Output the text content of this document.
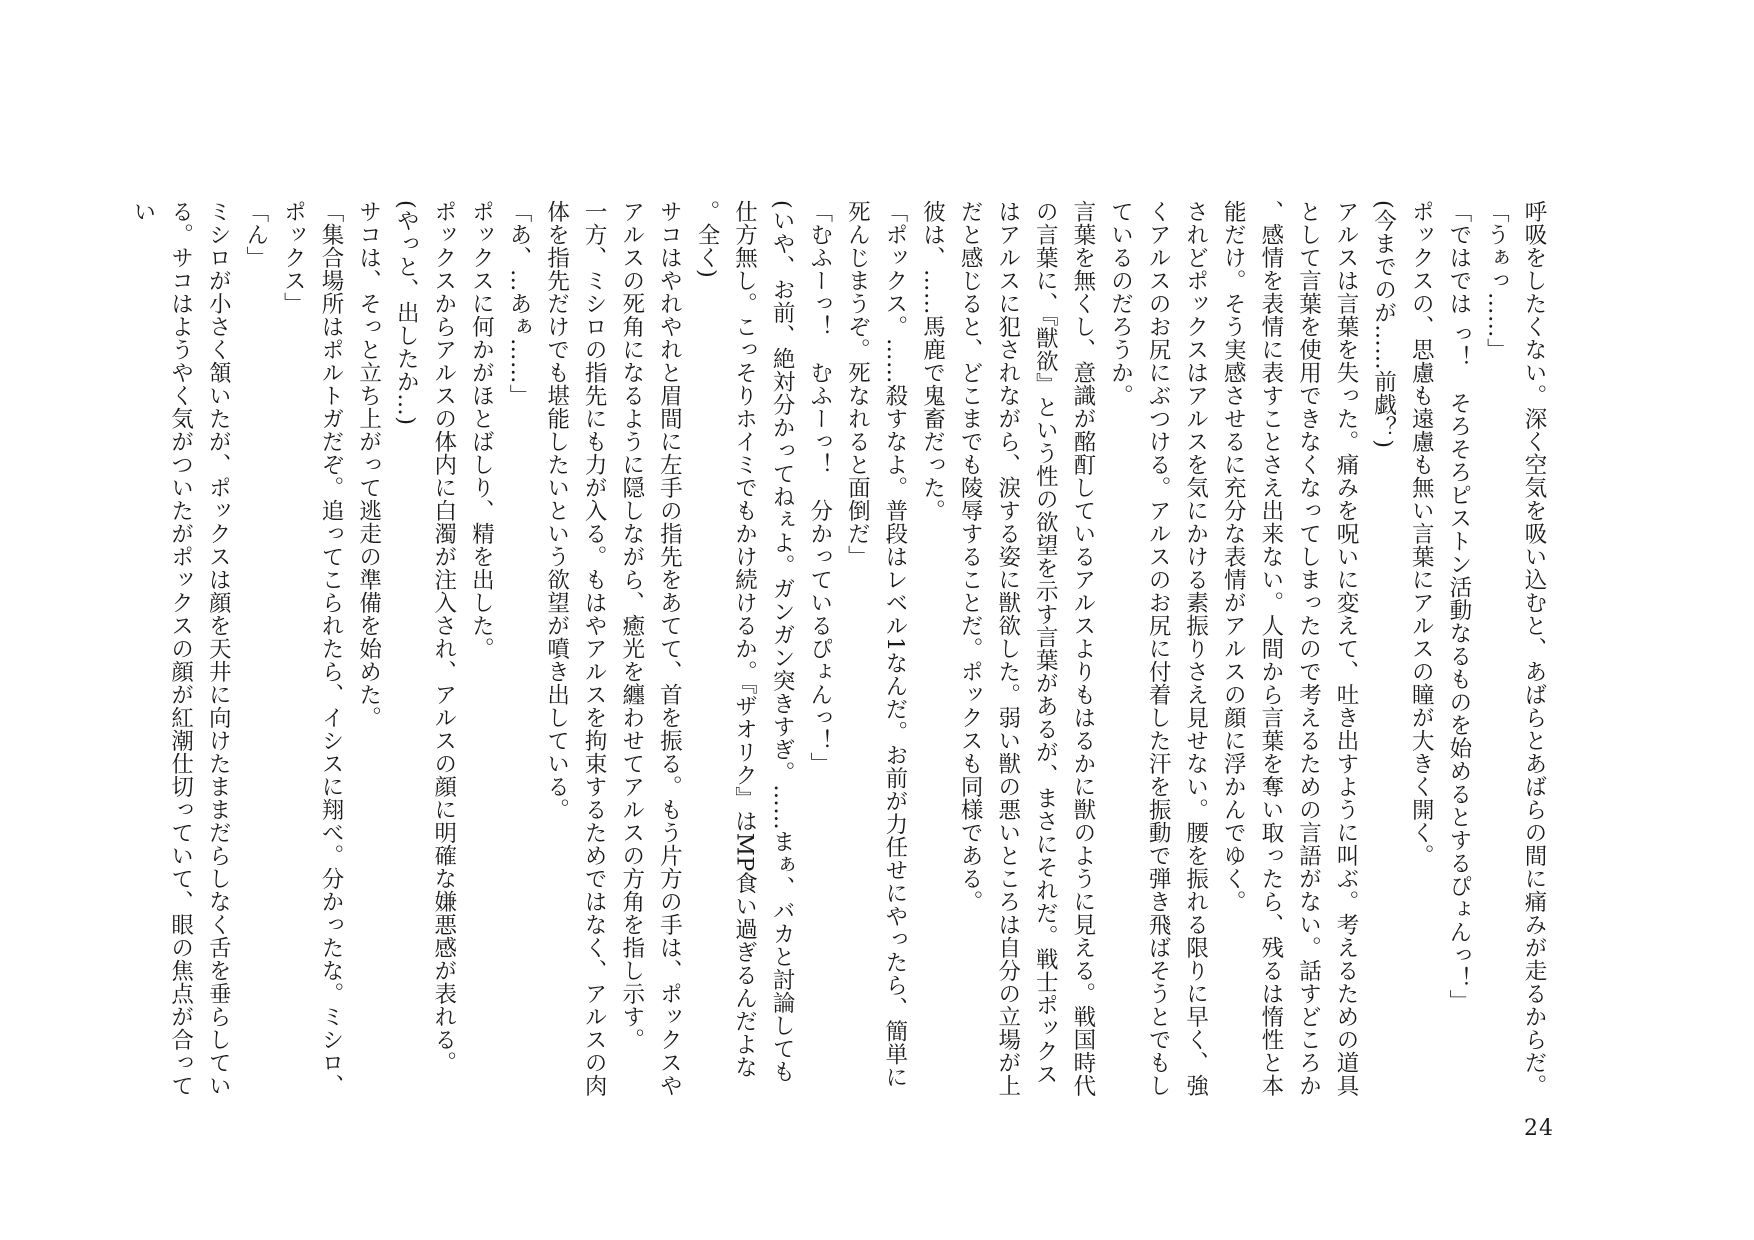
呼吸をしたくない。深く空気を吸い込むと、あばらとあばらの間に痛みが走るからだ。

「うぁっ……」

「ではでは っ！　そろそろピストン活動なるものを始めるとするぴょんっ！」

ポックスの、思慮も遠慮も無い言葉にアルスの瞳が大きく開く。

(今までのが……前戯？)

アルスは言葉を失った。痛みを呪いに変えて、吐き出すように叫ぶ。考えるための道具として言葉を使用できなくなってしまったので考えるための言語がない。話すどころか、感情を表情に表すことさえ出来ない。人間から言葉を奪い取ったら、残るは惰性と本能だけ。そう実感させるに充分な表情がアルスの顔に浮かんでゆく。

されどポックスはアルスを気にかける素振りさえ見せない。腰を振れる限りに早く、強くアルスのお尻にぶつける。アルスのお尻に付着した汗を振動で弾き飛ばそうとでもしているのだろうか。

言葉を無くし、意識が酩酊しているアルスよりもはるかに獣のように見える。戦国時代の言葉に、『獣欲』という性の欲望を示す言葉があるが、まさにそれだ。戦士ポックスはアルスに犯されながら、涙する姿に獣欲した。弱い獣の悪いところは自分の立場が上だと感じると、どこまでも陵辱することだ。ポックスも同様である。

彼は、……馬鹿で鬼畜だった。

「ポックス。……殺すなよ。普段はレベル1なんだ。お前が力任せにやったら、簡単に死んじまうぞ。死なれると面倒だ」

「むふーっ！　むふーっ！　分かっているぴょんっ！」

(いや、お前、絶対分かってねぇよ。ガンガン突きすぎ。……まぁ、バカと討論しても仕方無し。こっそりホイミでもかけ続けるか。『ザオリク』はMP食い過ぎるんだよな。全く)

サコはやれやれと眉間に左手の指先をあてて、首を振る。もう片方の手は、ポックスやアルスの死角になるように隠しながら、癒光を纏わせてアルスの方角を指し示す。

一方、ミシロの指先にも力が入る。もはやアルスを拘束するためではなく、アルスの肉体を指先だけでも堪能したいという欲望が噴き出している。

「あ、…あぁ……」

ポックスに何かがほとばしり、精を出した。

ポックスからアルスの体内に白濁が注入され、アルスの顔に明確な嫌悪感が表れる。

(やっと、出したか…)

サコは、そっと立ち上がって逃走の準備を始めた。

「集合場所はポルトガだぞ。追ってこられたら、イシスに翔べ。分かったな。ミシロ、ポックス」

「ん」

ミシロが小さく頷いたが、ポックスは顔を天井に向けたままだらしなく舌を垂らしている。サコはようやく気がついたがポックスの顔が紅潮仕切っていて、眼の焦点が合ってい

24
